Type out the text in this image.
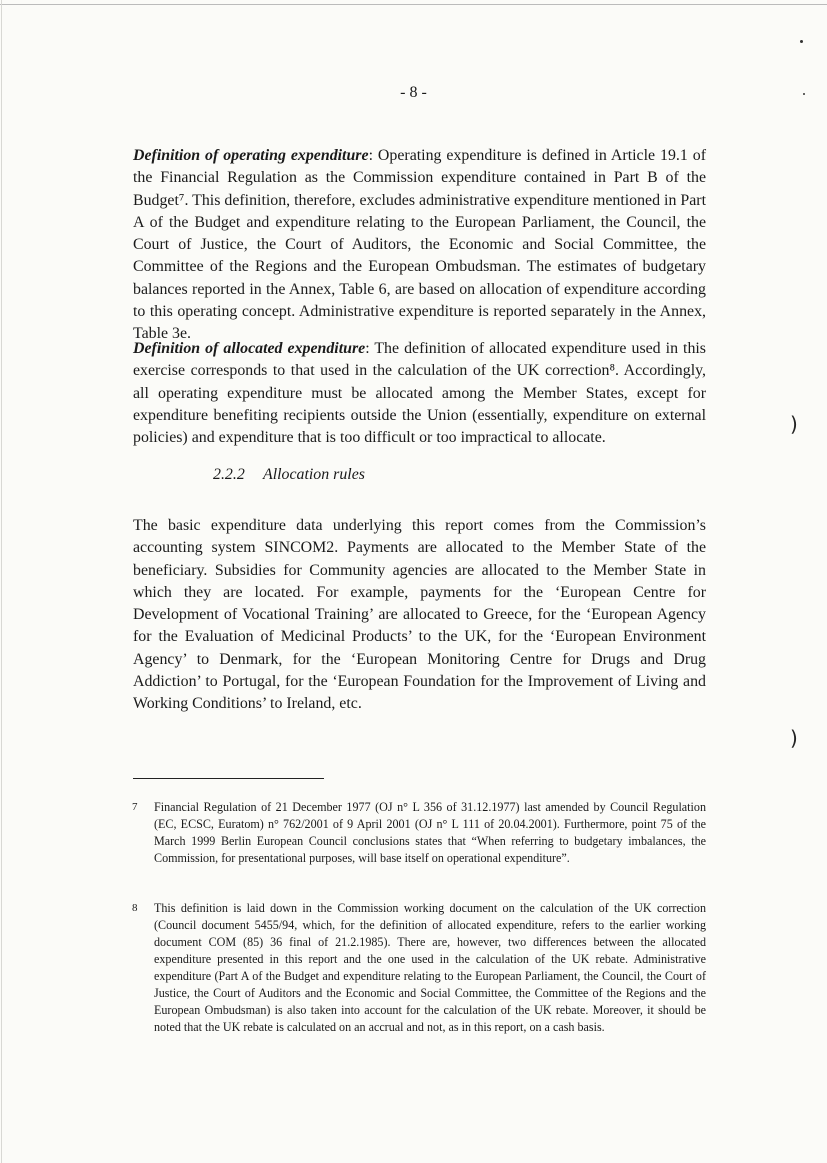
- 8 -

Definition of operating expenditure: Operating expenditure is defined in Article 19.1 of the Financial Regulation as the Commission expenditure contained in Part B of the Budget⁷. This definition, therefore, excludes administrative expenditure mentioned in Part A of the Budget and expenditure relating to the European Parliament, the Council, the Court of Justice, the Court of Auditors, the Economic and Social Committee, the Committee of the Regions and the European Ombudsman. The estimates of budgetary balances reported in the Annex, Table 6, are based on allocation of expenditure according to this operating concept. Administrative expenditure is reported separately in the Annex, Table 3e.

Definition of allocated expenditure: The definition of allocated expenditure used in this exercise corresponds to that used in the calculation of the UK correction⁸. Accordingly, all operating expenditure must be allocated among the Member States, except for expenditure benefiting recipients outside the Union (essentially, expenditure on external policies) and expenditure that is too difficult or too impractical to allocate.

2.2.2 Allocation rules

The basic expenditure data underlying this report comes from the Commission’s accounting system SINCOM2. Payments are allocated to the Member State of the beneficiary. Subsidies for Community agencies are allocated to the Member State in which they are located. For example, payments for the ‘European Centre for Development of Vocational Training’ are allocated to Greece, for the ‘European Agency for the Evaluation of Medicinal Products’ to the UK, for the ‘European Environment Agency’ to Denmark, for the ‘European Monitoring Centre for Drugs and Drug Addiction’ to Portugal, for the ‘European Foundation for the Improvement of Living and Working Conditions’ to Ireland, etc.

7 Financial Regulation of 21 December 1977 (OJ n° L 356 of 31.12.1977) last amended by Council Regulation (EC, ECSC, Euratom) n° 762/2001 of 9 April 2001 (OJ n° L 111 of 20.04.2001). Furthermore, point 75 of the March 1999 Berlin European Council conclusions states that “When referring to budgetary imbalances, the Commission, for presentational purposes, will base itself on operational expenditure”.

8 This definition is laid down in the Commission working document on the calculation of the UK correction (Council document 5455/94, which, for the definition of allocated expenditure, refers to the earlier working document COM (85) 36 final of 21.2.1985). There are, however, two differences between the allocated expenditure presented in this report and the one used in the calculation of the UK rebate. Administrative expenditure (Part A of the Budget and expenditure relating to the European Parliament, the Council, the Court of Justice, the Court of Auditors and the Economic and Social Committee, the Committee of the Regions and the European Ombudsman) is also taken into account for the calculation of the UK rebate. Moreover, it should be noted that the UK rebate is calculated on an accrual and not, as in this report, on a cash basis.

)
)
